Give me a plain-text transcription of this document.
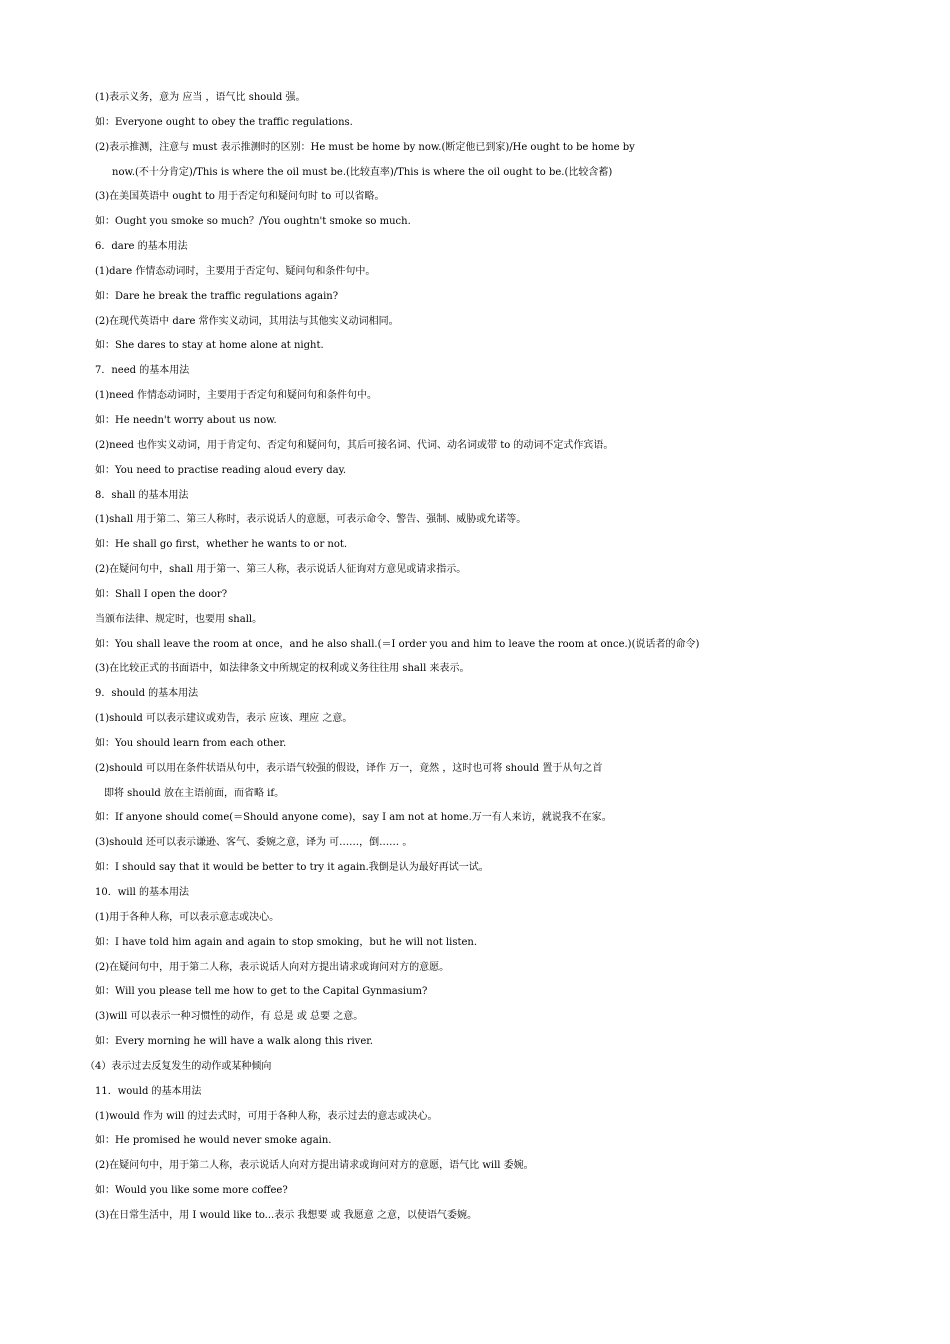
(1)表示义务，意为 应当 ，语气比 should 强。
如：Everyone ought to obey the traffic regulations.
(2)表示推测，注意与 must 表示推测时的区别：He must be home by now.(断定他已到家)/He ought to be home by
now.(不十分肯定)/This is where the oil must be.(比较直率)/This is where the oil ought to be.(比较含蓄)
(3)在美国英语中 ought to 用于否定句和疑问句时 to 可以省略。
如：Ought you smoke so much？/You oughtn't smoke so much.
6．dare 的基本用法
(1)dare 作情态动词时，主要用于否定句、疑问句和条件句中。
如：Dare he break the traffic regulations again?
(2)在现代英语中 dare 常作实义动词，其用法与其他实义动词相同。
如：She dares to stay at home alone at night.
7．need 的基本用法
(1)need 作情态动词时，主要用于否定句和疑问句和条件句中。
如：He needn't worry about us now.
(2)need 也作实义动词，用于肯定句、否定句和疑问句，其后可接名词、代词、动名词或带 to 的动词不定式作宾语。
如：You need to practise reading aloud every day.
8．shall 的基本用法
(1)shall 用于第二、第三人称时，表示说话人的意愿，可表示命令、警告、强制、威胁或允诺等。
如：He shall go first，whether he wants to or not.
(2)在疑问句中，shall 用于第一、第三人称，表示说话人征询对方意见或请求指示。
如：Shall I open the door?
当颁布法律、规定时，也要用 shall。
如：You shall leave the room at once，and he also shall.(＝I order you and him to leave the room at once.)(说话者的命令)
(3)在比较正式的书面语中，如法律条文中所规定的权利或义务往往用 shall 来表示。
9．should 的基本用法
(1)should 可以表示建议或劝告，表示 应该、理应 之意。
如：You should learn from each other.
(2)should 可以用在条件状语从句中，表示语气较强的假设，译作 万一，竟然 ，这时也可将 should 置于从句之首
即将 should 放在主语前面，而省略 if。
如：If anyone should come(＝Should anyone come)，say I am not at home.万一有人来访，就说我不在家。
(3)should 还可以表示谦逊、客气、委婉之意，译为 可……，倒…… 。
如：I should say that it would be better to try it again.我倒是认为最好再试一试。
10．will 的基本用法
(1)用于各种人称，可以表示意志或决心。
如：I have told him again and again to stop smoking，but he will not listen.
(2)在疑问句中，用于第二人称，表示说话人向对方提出请求或询问对方的意愿。
如：Will you please tell me how to get to the Capital Gynmasium?
(3)will 可以表示一种习惯性的动作，有 总是 或 总要 之意。
如：Every morning he will have a walk along this river.
（4）表示过去反复发生的动作或某种倾向
11．would 的基本用法
(1)would 作为 will 的过去式时，可用于各种人称，表示过去的意志或决心。
如：He promised he would never smoke again.
(2)在疑问句中，用于第二人称，表示说话人向对方提出请求或询问对方的意愿，语气比 will 委婉。
如：Would you like some more coffee?
(3)在日常生活中，用 I would like to...表示 我想要 或 我愿意 之意，以使语气委婉。
